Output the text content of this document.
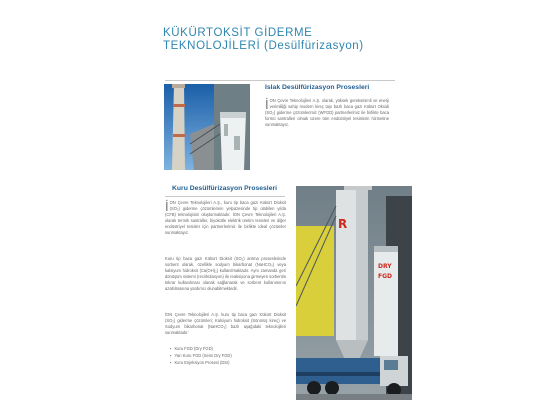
KÜKÜRTOKSİT GİDERME
TEKNOLOJİLERİ (Desülfürizasyon)
Islak Desülfürizasyon Prosesleri
İON Çevre Teknolojileri A.Ş. olarak, yüksek gereksinimli ve enerji verimliliği sahip modern kireç taşı bazlı baca gazı Kükürt Oksidi (SO₂) giderme çözümlerimiz (WFGD) partnerlerimiz ile birlikte baca formü santralleri olmak üzere tüm endüstriyel tesislerin hizmetine sunmaktayız.
Kuru Desülfürizasyon Prosesleri
İON Çevre Teknolojileri A.Ş., kuru tip baca gazı Kükürt Dioksit (SO₂) giderme çözümlerinin yelpazesinde tip olabilen yılda (CFB) teknolojisini oluşturmaktadır. İON Çevre Teknolojileri A.Ş. olarak termik santraller, biyokütle elektrik üretim tesisleri ve diğer endüstriyel tesisler için partnerlerimiz ile birlikte ideal çözümler sunmaktayız.
Kuru tip baca gazı Kükürt Dioksit (SO₂) arıtma proseslerinde sorbent olarak, özellikle sodyum bikarbonat (NaHCO₃) veya kalsiyum hidroksit (Ca(OH)₂) kullanılmaktadır. Aynı zamanda geri dönüşüm sistemi (recirkülasyon) ile reaksiyona girmeyen sorbentin tekrar kullanılması olanak sağlanarak ve sorbent kullanımının azaltılmasına yardımcı olunabilmektedir.
İON Çevre Teknolojileri A.Ş. kuru tip baca gazı Kükürt Dioksit (SO₂) giderme çözümleri; Kalsiyum hidroksit (Sönmüş kireç) ve Sodyum bikarbonat (NaHCO₃) bazlı aşağıdaki teknolojileri sunmaktadır:
▪ Kuru FGD (Dry FGD)
▪ Yarı Kuru FGD (Semi Dry FGD)
▪ Kuru Enjeksiyon Prosesi (DSI)
R
DRY
FGD
